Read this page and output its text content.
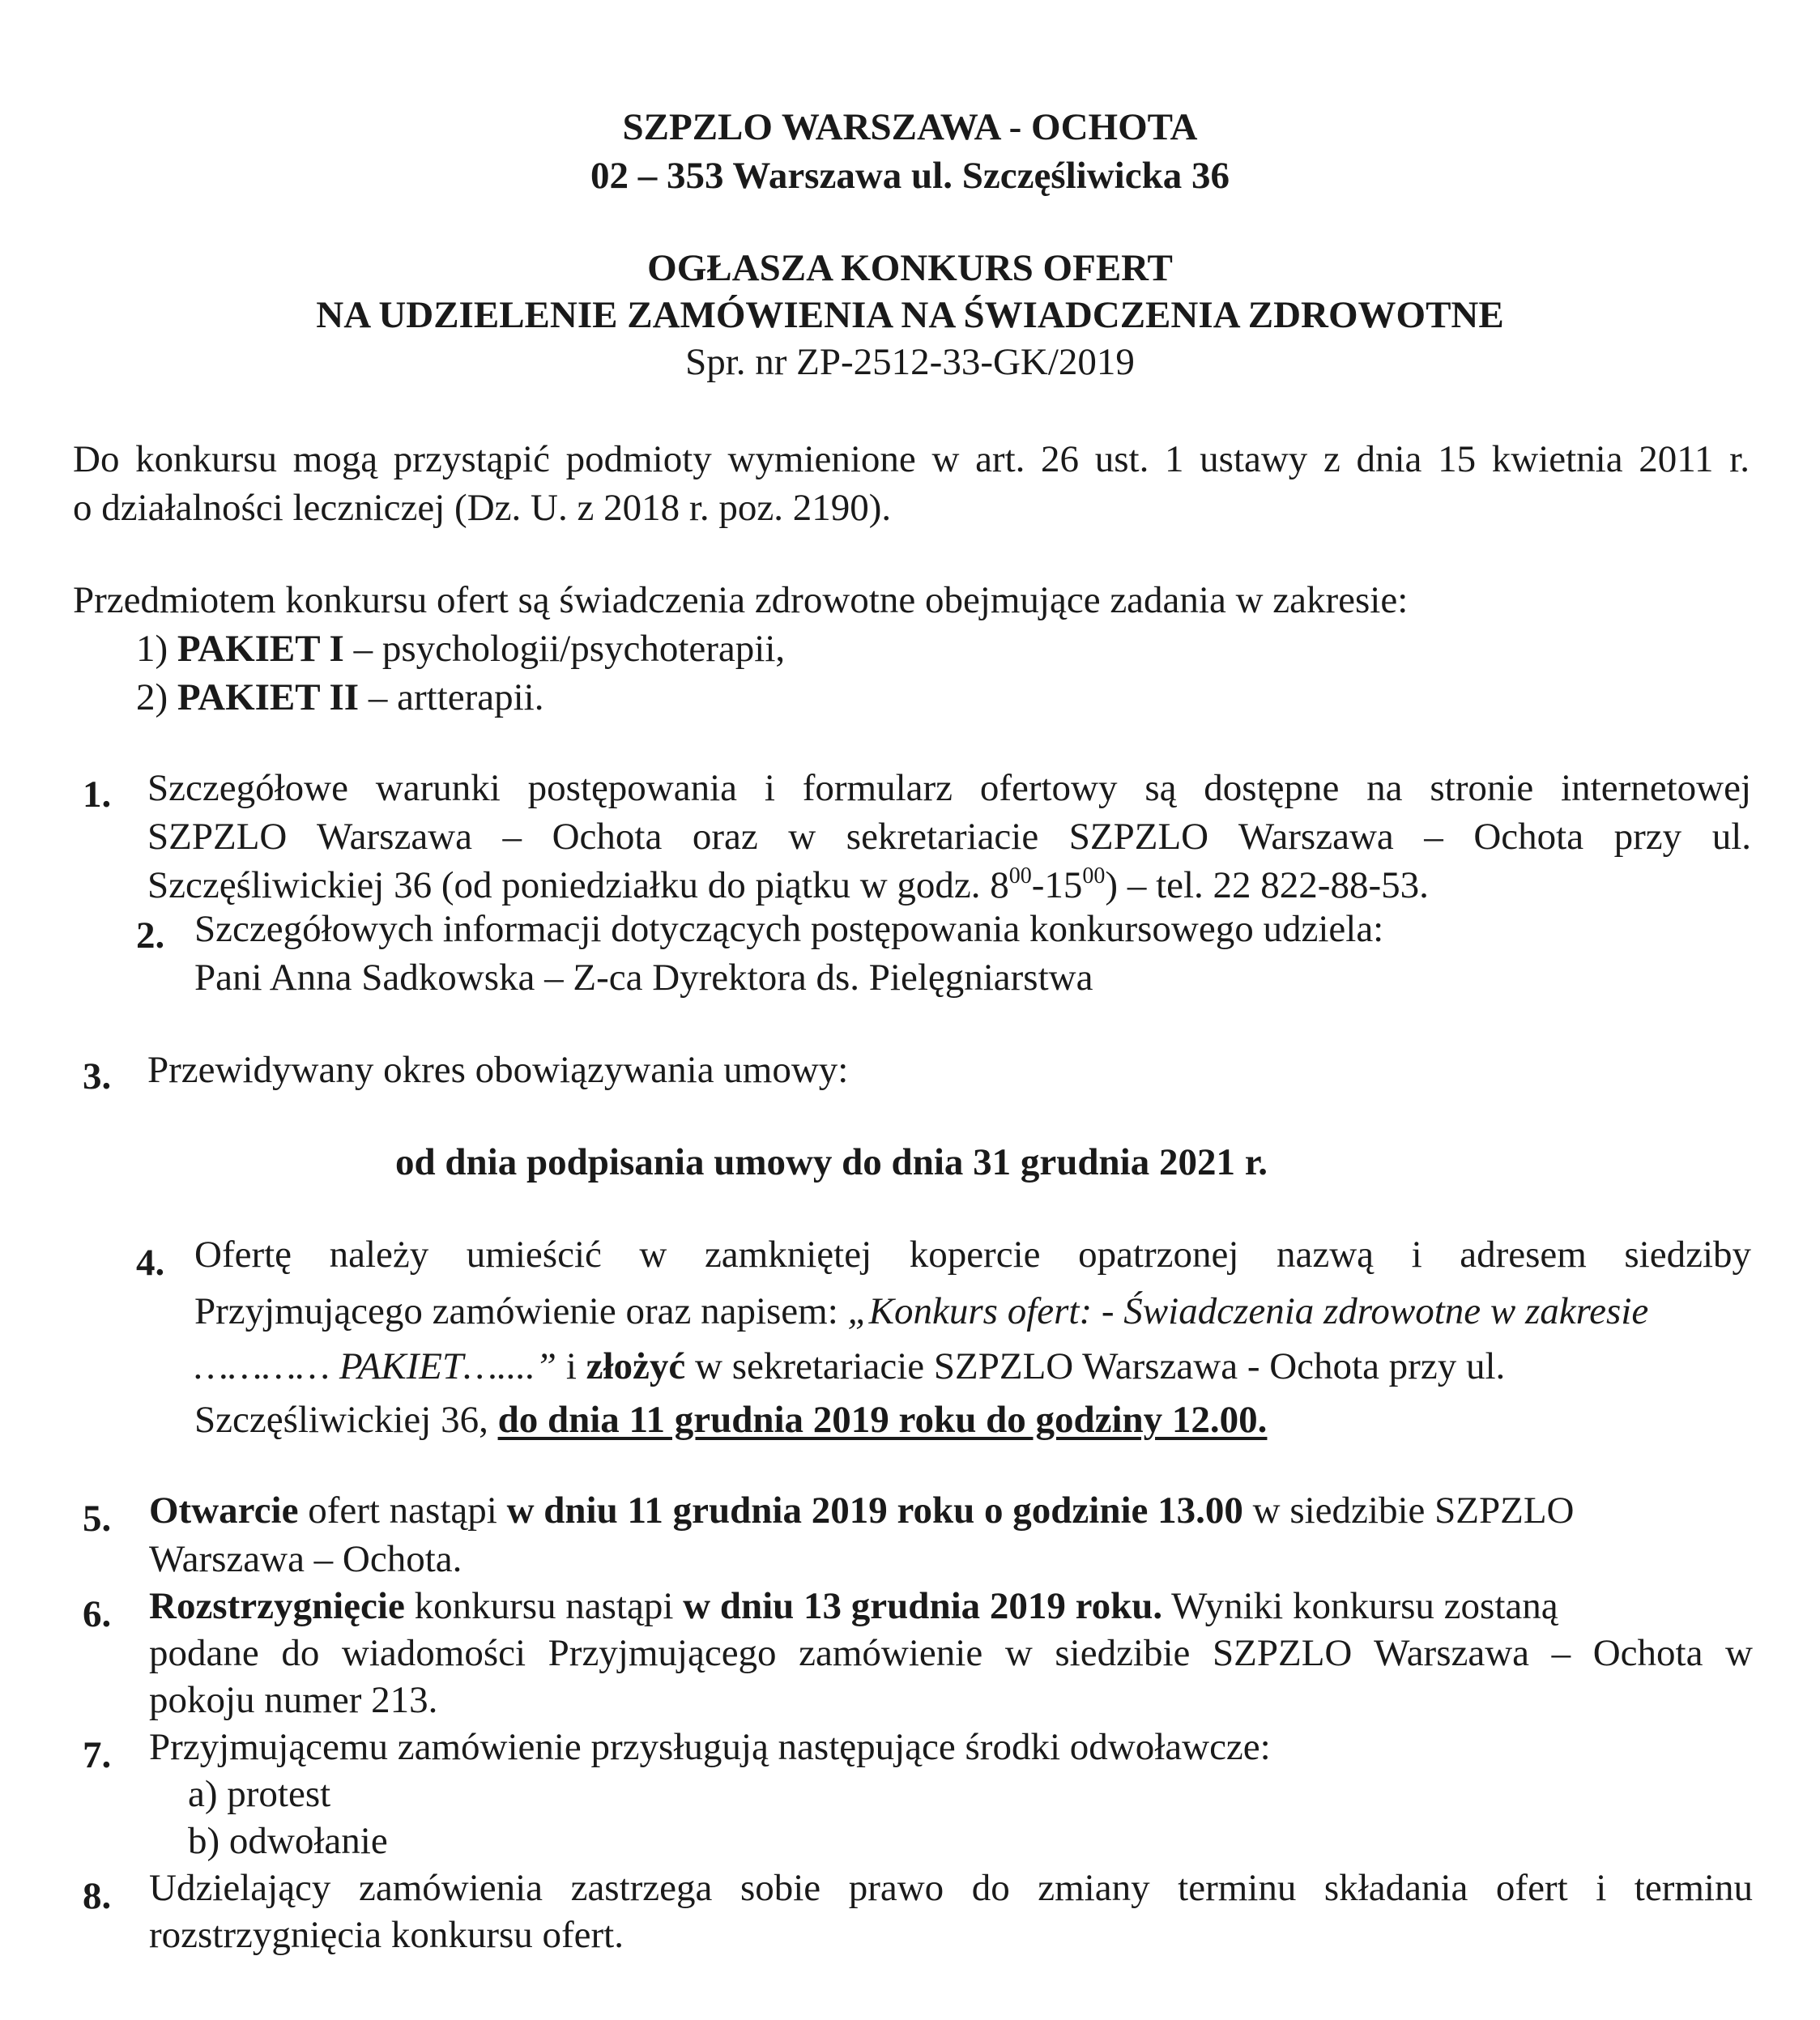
SZPZLO WARSZAWA - OCHOTA
02 – 353 Warszawa ul. Szczęśliwicka 36
OGŁASZA KONKURS OFERT
NA UDZIELENIE ZAMÓWIENIA NA ŚWIADCZENIA ZDROWOTNE
Spr. nr ZP-2512-33-GK/2019
Do konkursu mogą przystąpić podmioty wymienione w art. 26 ust. 1 ustawy z dnia 15 kwietnia 2011 r.
o działalności leczniczej (Dz. U. z 2018 r. poz. 2190).
Przedmiotem konkursu ofert są świadczenia zdrowotne obejmujące zadania w zakresie:
1) PAKIET I – psychologii/psychoterapii,
2) PAKIET II – artterapii.
1. Szczegółowe warunki postępowania i formularz ofertowy są dostępne na stronie internetowej
SZPZLO Warszawa – Ochota oraz w sekretariacie SZPZLO Warszawa – Ochota przy ul.
Szczęśliwickiej 36 (od poniedziałku do piątku w godz. $8^{00}-15^{00}$) – tel. 22 822-88-53.
2. Szczegółowych informacji dotyczących postępowania konkursowego udziela:
Pani Anna Sadkowska – Z-ca Dyrektora ds. Pielęgniarstwa
3. Przewidywany okres obowiązywania umowy:
od dnia podpisania umowy do dnia 31 grudnia 2021 r.
4. Ofertę należy umieścić w zamkniętej kopercie opatrzonej nazwą i adresem siedziby
Przyjmującego zamówienie oraz napisem: „Konkurs ofert: - Świadczenia zdrowotne w zakresie
………… PAKIET…....” i złożyć w sekretariacie SZPZLO Warszawa - Ochota przy ul.
Szczęśliwickiej 36, do dnia 11 grudnia 2019 roku do godziny 12.00.
5. Otwarcie ofert nastąpi w dniu 11 grudnia 2019 roku o godzinie 13.00 w siedzibie SZPZLO
Warszawa – Ochota.
6. Rozstrzygnięcie konkursu nastąpi w dniu 13 grudnia 2019 roku. Wyniki konkursu zostaną
podane do wiadomości Przyjmującego zamówienie w siedzibie SZPZLO Warszawa – Ochota w
pokoju numer 213.
7. Przyjmującemu zamówienie przysługują następujące środki odwoławcze:
a) protest
b) odwołanie
8. Udzielający zamówienia zastrzega sobie prawo do zmiany terminu składania ofert i terminu
rozstrzygnięcia konkursu ofert.
